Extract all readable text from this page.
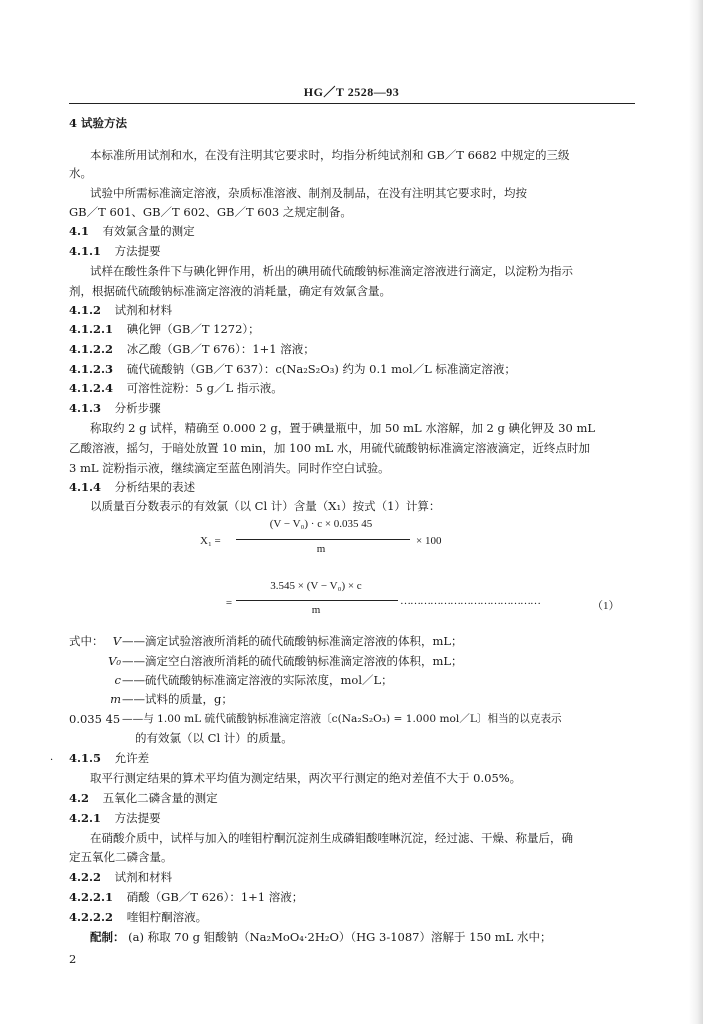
HG／T 2528—93
4 试验方法
本标准所用试剂和水，在没有注明其它要求时，均指分析纯试剂和 GB／T 6682 中规定的三级
水。
试验中所需标准滴定溶液，杂质标准溶液、制剂及制品，在没有注明其它要求时，均按
GB／T 601、GB／T 602、GB／T 603 之规定制备。
4.1 有效氯含量的测定
4.1.1 方法提要
试样在酸性条件下与碘化钾作用，析出的碘用硫代硫酸钠标准滴定溶液进行滴定，以淀粉为指示
剂，根据硫代硫酸钠标准滴定溶液的消耗量，确定有效氯含量。
4.1.2 试剂和材料
4.1.2.1 碘化钾（GB／T 1272）；
4.1.2.2 冰乙酸（GB／T 676）：1+1 溶液；
4.1.2.3 硫代硫酸钠（GB／T 637）：c(Na₂S₂O₃) 约为 0.1 mol／L 标准滴定溶液；
4.1.2.4 可溶性淀粉：5 g／L 指示液。
4.1.3 分析步骤
称取约 2 g 试样，精确至 0.000 2 g，置于碘量瓶中，加 50 mL 水溶解，加 2 g 碘化钾及 30 mL
乙酸溶液，摇匀，于暗处放置 10 min，加 100 mL 水，用硫代硫酸钠标准滴定溶液滴定，近终点时加
3 mL 淀粉指示液，继续滴定至蓝色刚消失。同时作空白试验。
4.1.4 分析结果的表述
以质量百分数表示的有效氯（以 Cl 计）含量（X₁）按式（1）计算：
X₁ =
(V − V₀) · c × 0.035 45
m
× 100
=
3.545 × (V − V₀) × c
m
……………………………………	（1）
式中： V ——滴定试验溶液所消耗的硫代硫酸钠标准滴定溶液的体积，mL；
V₀ ——滴定空白溶液所消耗的硫代硫酸钠标准滴定溶液的体积，mL；
c ——硫代硫酸钠标准滴定溶液的实际浓度，mol／L；
m ——试料的质量，g；
0.035 45 ——与 1.00 mL 硫代硫酸钠标准滴定溶液〔c(Na₂S₂O₃) = 1.000 mol／L〕相当的以克表示
的有效氯（以 Cl 计）的质量。
· 4.1.5 允许差
取平行测定结果的算术平均值为测定结果，两次平行测定的绝对差值不大于 0.05%。
4.2 五氧化二磷含量的测定
4.2.1 方法提要
在硝酸介质中，试样与加入的喹钼柠酮沉淀剂生成磷钼酸喹啉沉淀，经过滤、干燥、称量后，确
定五氧化二磷含量。
4.2.2 试剂和材料
4.2.2.1 硝酸（GB／T 626）：1+1 溶液；
4.2.2.2 喹钼柠酮溶液。
配制： (a) 称取 70 g 钼酸钠（Na₂MoO₄·2H₂O）（HG 3-1087）溶解于 150 mL 水中；
2
